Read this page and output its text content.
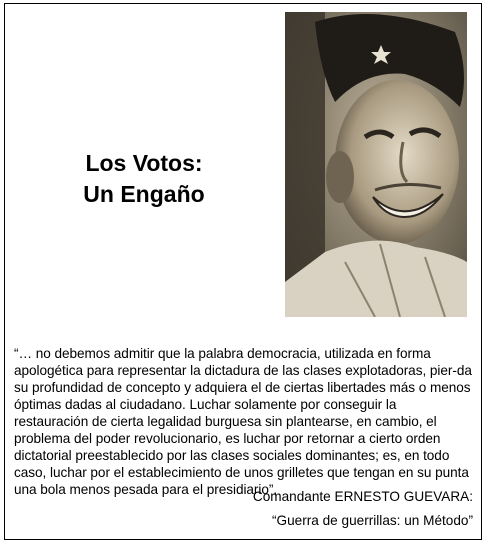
Los Votos:
Un Engaño
“… no debemos admitir que la palabra democracia, utilizada en forma apologética para representar la dictadura de las clases explotadoras, pier-da su profundidad de concepto y adquiera el de ciertas libertades más o menos óptimas dadas al ciudadano. Luchar solamente por conseguir la restauración de cierta legalidad burguesa sin plantearse, en cambio, el problema del poder revolucionario, es luchar por retornar a cierto orden dictatorial preestablecido por las clases sociales dominantes; es, en todo caso, luchar por el establecimiento de unos grilletes que tengan en su punta una bola menos pesada para el presidiario”.
Comandante ERNESTO GUEVARA:
“Guerra de guerrillas: un Método”
